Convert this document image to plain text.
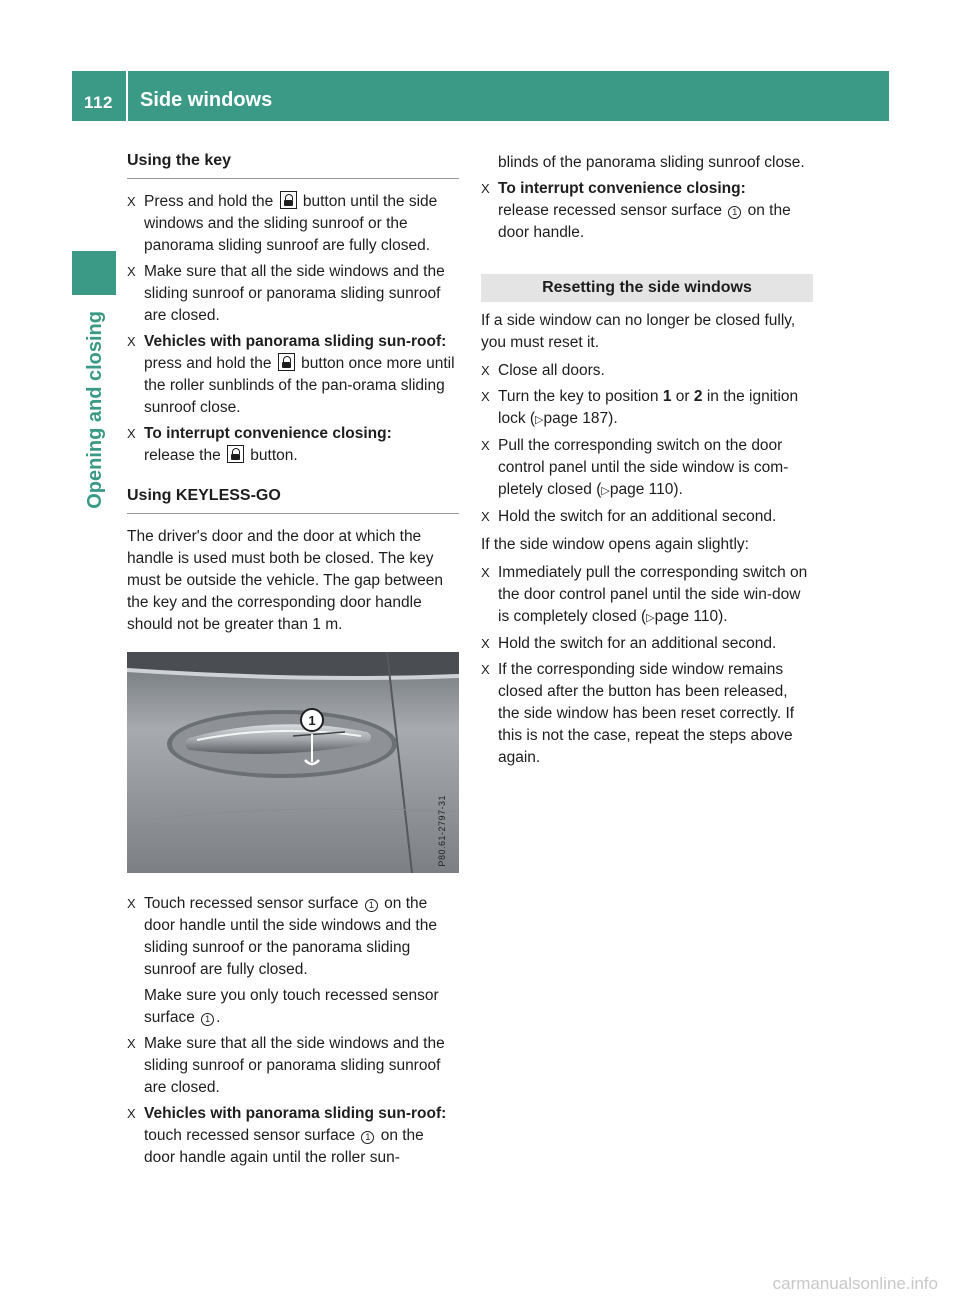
112 Side windows
Opening and closing
Using the key
X Press and hold the  button until the side windows and the sliding sunroof or the panorama sliding sunroof are fully closed.
X Make sure that all the side windows and the sliding sunroof or panorama sliding sunroof are closed.
X Vehicles with panorama sliding sun-roof: press and hold the  button once more until the roller sunblinds of the pan-orama sliding sunroof close.
X To interrupt convenience closing:
release the  button.
Using KEYLESS-GO
The driver's door and the door at which the handle is used must both be closed. The key must be outside the vehicle. The gap between the key and the corresponding door handle should not be greater than 1 m.
1
P80.61-2797-31
X Touch recessed sensor surface 1 on the door handle until the side windows and the sliding sunroof or the panorama sliding sunroof are fully closed.
Make sure you only touch recessed sensor surface 1 .
X Make sure that all the side windows and the sliding sunroof or panorama sliding sunroof are closed.
X Vehicles with panorama sliding sun-roof: touch recessed sensor surface 1 on the door handle again until the roller sun-
blinds of the panorama sliding sunroof close.
X To interrupt convenience closing:
release recessed sensor surface 1 on the door handle.
Resetting the side windows
If a side window can no longer be closed fully, you must reset it.
X Close all doors.
X Turn the key to position 1 or 2 in the ignition lock (▷page 187).
X Pull the corresponding switch on the door control panel until the side window is com-pletely closed (▷page 110).
X Hold the switch for an additional second.
If the side window opens again slightly:
X Immediately pull the corresponding switch on the door control panel until the side win-dow is completely closed (▷page 110).
X Hold the switch for an additional second.
X If the corresponding side window remains closed after the button has been released, the side window has been reset correctly. If this is not the case, repeat the steps above again.
carmanualsonline.info
